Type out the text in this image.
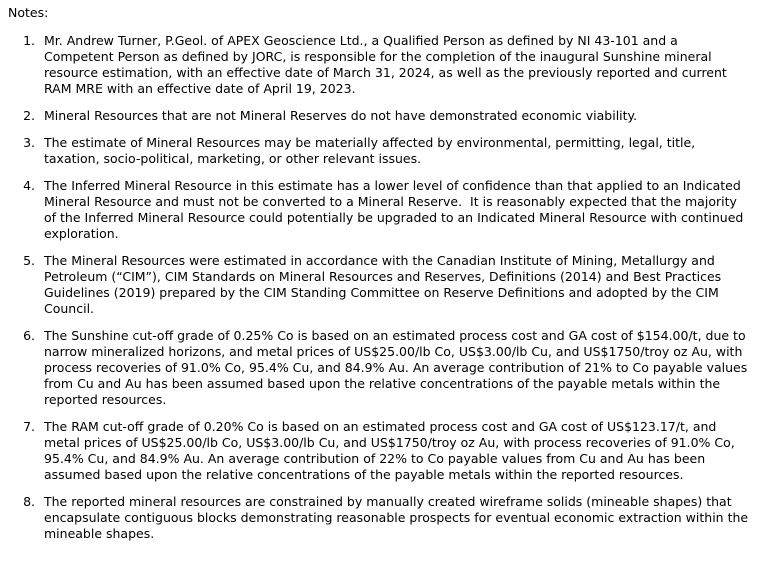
Notes:
1. Mr. Andrew Turner, P.Geol. of APEX Geoscience Ltd., a Qualified Person as defined by NI 43-101 and a Competent Person as defined by JORC, is responsible for the completion of the inaugural Sunshine mineral resource estimation, with an effective date of March 31, 2024, as well as the previously reported and current RAM MRE with an effective date of April 19, 2023.
2. Mineral Resources that are not Mineral Reserves do not have demonstrated economic viability.
3. The estimate of Mineral Resources may be materially affected by environmental, permitting, legal, title, taxation, socio-political, marketing, or other relevant issues.
4. The Inferred Mineral Resource in this estimate has a lower level of confidence than that applied to an Indicated Mineral Resource and must not be converted to a Mineral Reserve.  It is reasonably expected that the majority of the Inferred Mineral Resource could potentially be upgraded to an Indicated Mineral Resource with continued exploration.
5. The Mineral Resources were estimated in accordance with the Canadian Institute of Mining, Metallurgy and Petroleum (“CIM”), CIM Standards on Mineral Resources and Reserves, Definitions (2014) and Best Practices Guidelines (2019) prepared by the CIM Standing Committee on Reserve Definitions and adopted by the CIM Council.
6. The Sunshine cut-off grade of 0.25% Co is based on an estimated process cost and GA cost of $154.00/t, due to narrow mineralized horizons, and metal prices of US$25.00/lb Co, US$3.00/lb Cu, and US$1750/troy oz Au, with process recoveries of 91.0% Co, 95.4% Cu, and 84.9% Au. An average contribution of 21% to Co payable values from Cu and Au has been assumed based upon the relative concentrations of the payable metals within the reported resources.
7. The RAM cut-off grade of 0.20% Co is based on an estimated process cost and GA cost of US$123.17/t, and metal prices of US$25.00/lb Co, US$3.00/lb Cu, and US$1750/troy oz Au, with process recoveries of 91.0% Co, 95.4% Cu, and 84.9% Au. An average contribution of 22% to Co payable values from Cu and Au has been assumed based upon the relative concentrations of the payable metals within the reported resources.
8. The reported mineral resources are constrained by manually created wireframe solids (mineable shapes) that encapsulate contiguous blocks demonstrating reasonable prospects for eventual economic extraction within the mineable shapes.
